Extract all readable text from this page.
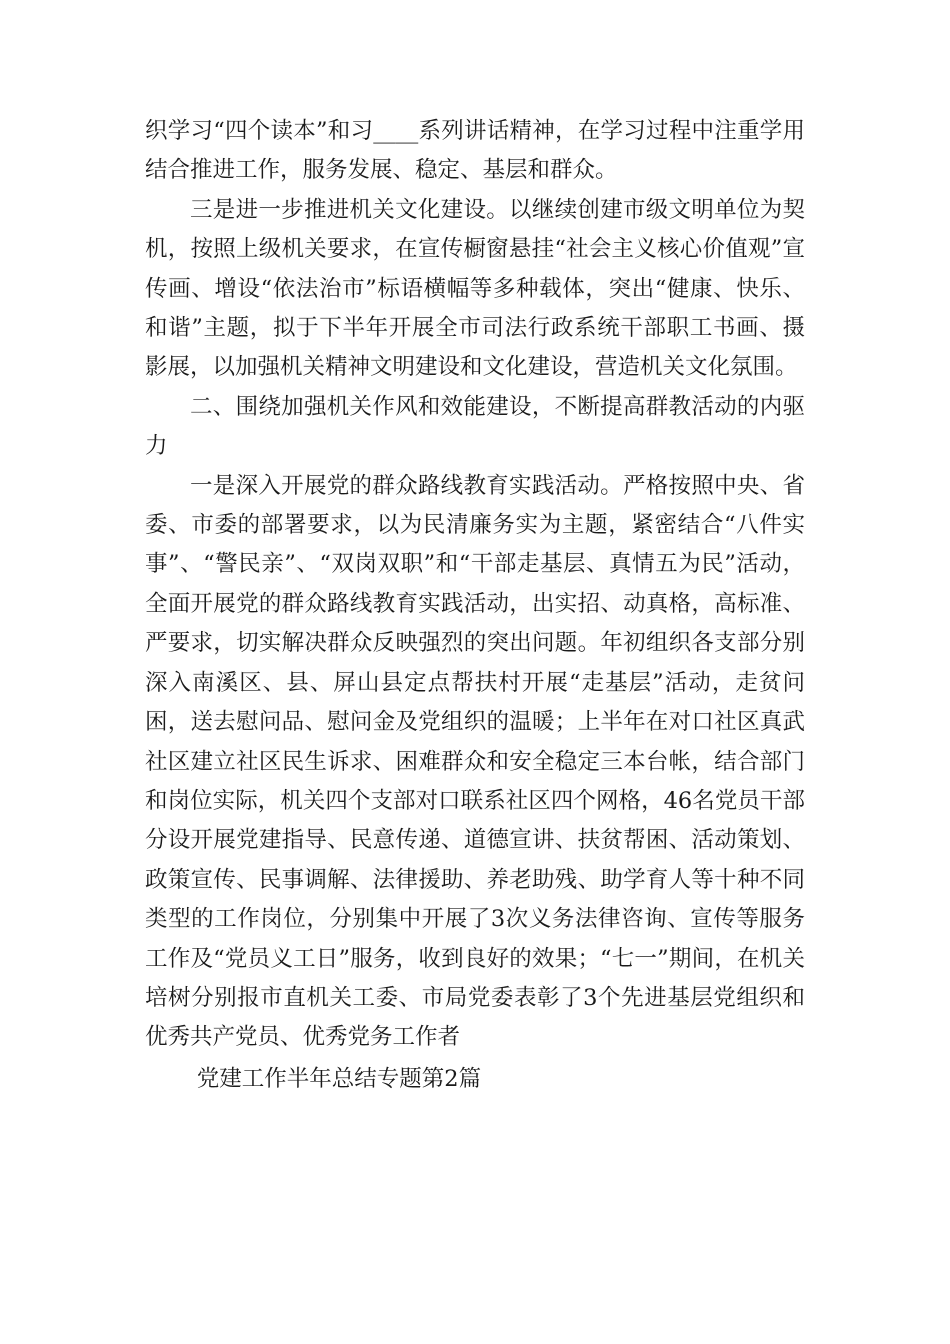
织学习“四个读本”和习____系列讲话精神，在学习过程中注重学用结合推进工作，服务发展、稳定、基层和群众。

三是进一步推进机关文化建设。以继续创建市级文明单位为契机，按照上级机关要求，在宣传橱窗悬挂“社会主义核心价值观”宣传画、增设“依法治市”标语横幅等多种载体，突出“健康、快乐、和谐”主题，拟于下半年开展全市司法行政系统干部职工书画、摄影展，以加强机关精神文明建设和文化建设，营造机关文化氛围。

二、围绕加强机关作风和效能建设，不断提高群教活动的内驱力

一是深入开展党的群众路线教育实践活动。严格按照中央、省委、市委的部署要求，以为民清廉务实为主题，紧密结合“八件实事”、“警民亲”、“双岗双职”和“干部走基层、真情五为民”活动，全面开展党的群众路线教育实践活动，出实招、动真格，高标准、严要求，切实解决群众反映强烈的突出问题。年初组织各支部分别深入南溪区、县、屏山县定点帮扶村开展“走基层”活动，走贫问困，送去慰问品、慰问金及党组织的温暖；上半年在对口社区真武社区建立社区民生诉求、困难群众和安全稳定三本台帐，结合部门和岗位实际，机关四个支部对口联系社区四个网格，46名党员干部分设开展党建指导、民意传递、道德宣讲、扶贫帮困、活动策划、政策宣传、民事调解、法律援助、养老助残、助学育人等十种不同类型的工作岗位，分别集中开展了3次义务法律咨询、宣传等服务工作及“党员义工日”服务，收到良好的效果；“七一”期间，在机关培树分别报市直机关工委、市局党委表彰了3个先进基层党组织和优秀共产党员、优秀党务工作者

党建工作半年总结专题第2篇
